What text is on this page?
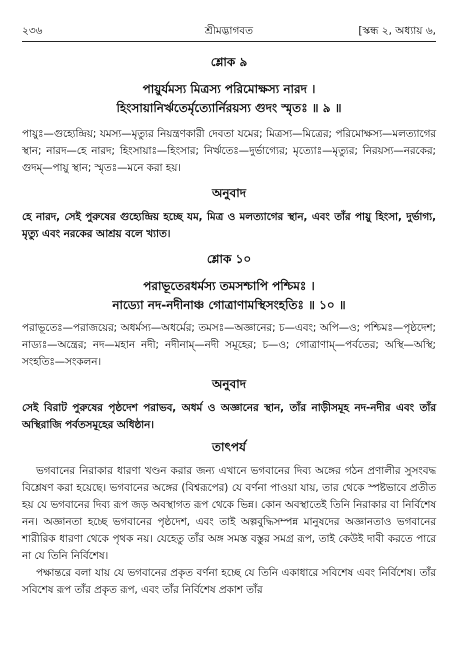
২৩৬	শ্রীমদ্ভাগবত	[স্কন্ধ ২, অধ্যায় ৬,
শ্লোক ৯
পায়ুর্যমস্য মিত্রস্য পরিমোক্ষস্য নারদ ।
হিংসায়ানির্ঋতের্মৃত্যোর্নিরয়স্য গুদং স্মৃতঃ ॥ ৯ ॥

পায়ুঃ—গুহ্যেন্দ্রিয়; যমস্য—মৃত্যুর নিয়ন্ত্রণকারী দেবতা যমের; মিত্রস্য—মিত্রের; পরিমোক্ষস্য—মলত্যাগের স্থান; নারদ—হে নারদ; হিংসায়াঃ—হিংসার; নির্ঋতেঃ—দুর্ভাগ্যের; মৃত্যোঃ—মৃত্যুর; নিরয়স্য—নরকের; গুদম্—পায়ু স্থান; স্মৃতঃ—মনে করা হয়।

অনুবাদ

হে নারদ, সেই পুরুষের গুহ্যেন্দ্রিয় হচ্ছে যম, মিত্র ও মলত্যাগের স্থান, এবং তাঁর পায়ু হিংসা, দুর্ভাগ্য, মৃত্যু এবং নরকের আশ্রয় বলে খ্যাত।

শ্লোক ১০
পরাভূতেরধর্মস্য তমসশ্চাপি পশ্চিমঃ ।
নাড্যো নদ-নদীনাঞ্চ গোত্রাণামস্থিসংহতিঃ ॥ ১০ ॥

পরাভূতেঃ—পরাজয়ের; অধর্মস্য—অধর্মের; তমসঃ—অজ্ঞানের; চ—এবং; অপি—ও; পশ্চিমঃ—পৃষ্ঠদেশ; নাড্যঃ—অন্ত্রের; নদ—মহান নদী; নদীনাম্—নদী সমূহের; চ—ও; গোত্রাণাম্—পর্বতের; অস্থি—অস্থি; সংহতিঃ—সংকলন।

অনুবাদ

সেই বিরাট পুরুষের পৃষ্ঠদেশ পরাভব, অধর্ম ও অজ্ঞানের স্থান, তাঁর নাড়ীসমূহ নদ-নদীর এবং তাঁর অস্থিরাজি পর্বতসমূহের অধিষ্ঠান।

তাৎপর্য

ভগবানের নিরাকার ধারণা খণ্ডন করার জন্য এখানে ভগবানের দিব্য অঙ্গের গঠন প্রণালীর সুসংবদ্ধ বিশ্লেষণ করা হয়েছে। ভগবানের অঙ্গের (বিশ্বরূপের) যে বর্ণনা পাওয়া যায়, তার থেকে স্পষ্টভাবে প্রতীত হয় যে ভগবানের দিব্য রূপ জড় অবস্থাগত রূপ থেকে ভিন্ন। কোন অবস্থাতেই তিনি নিরাকার বা নির্বিশেষ নন। অজ্ঞানতা হচ্ছে ভগবানের পৃষ্ঠদেশ, এবং তাই অল্পবুদ্ধিসম্পন্ন মানুষদের অজ্ঞানতাও ভগবানের শারীরিক ধারণা থেকে পৃথক নয়। যেহেতু তাঁর অঙ্গ সমস্ত বস্তুর সমগ্র রূপ, তাই কেউই দাবী করতে পারে না যে তিনি নির্বিশেষ।

পক্ষান্তরে বলা যায় যে ভগবানের প্রকৃত বর্ণনা হচ্ছে যে তিনি একাধারে সবিশেষ এবং নির্বিশেষ। তাঁর সবিশেষ রূপ তাঁর প্রকৃত রূপ, এবং তাঁর নির্বিশেষ প্রকাশ তাঁর
